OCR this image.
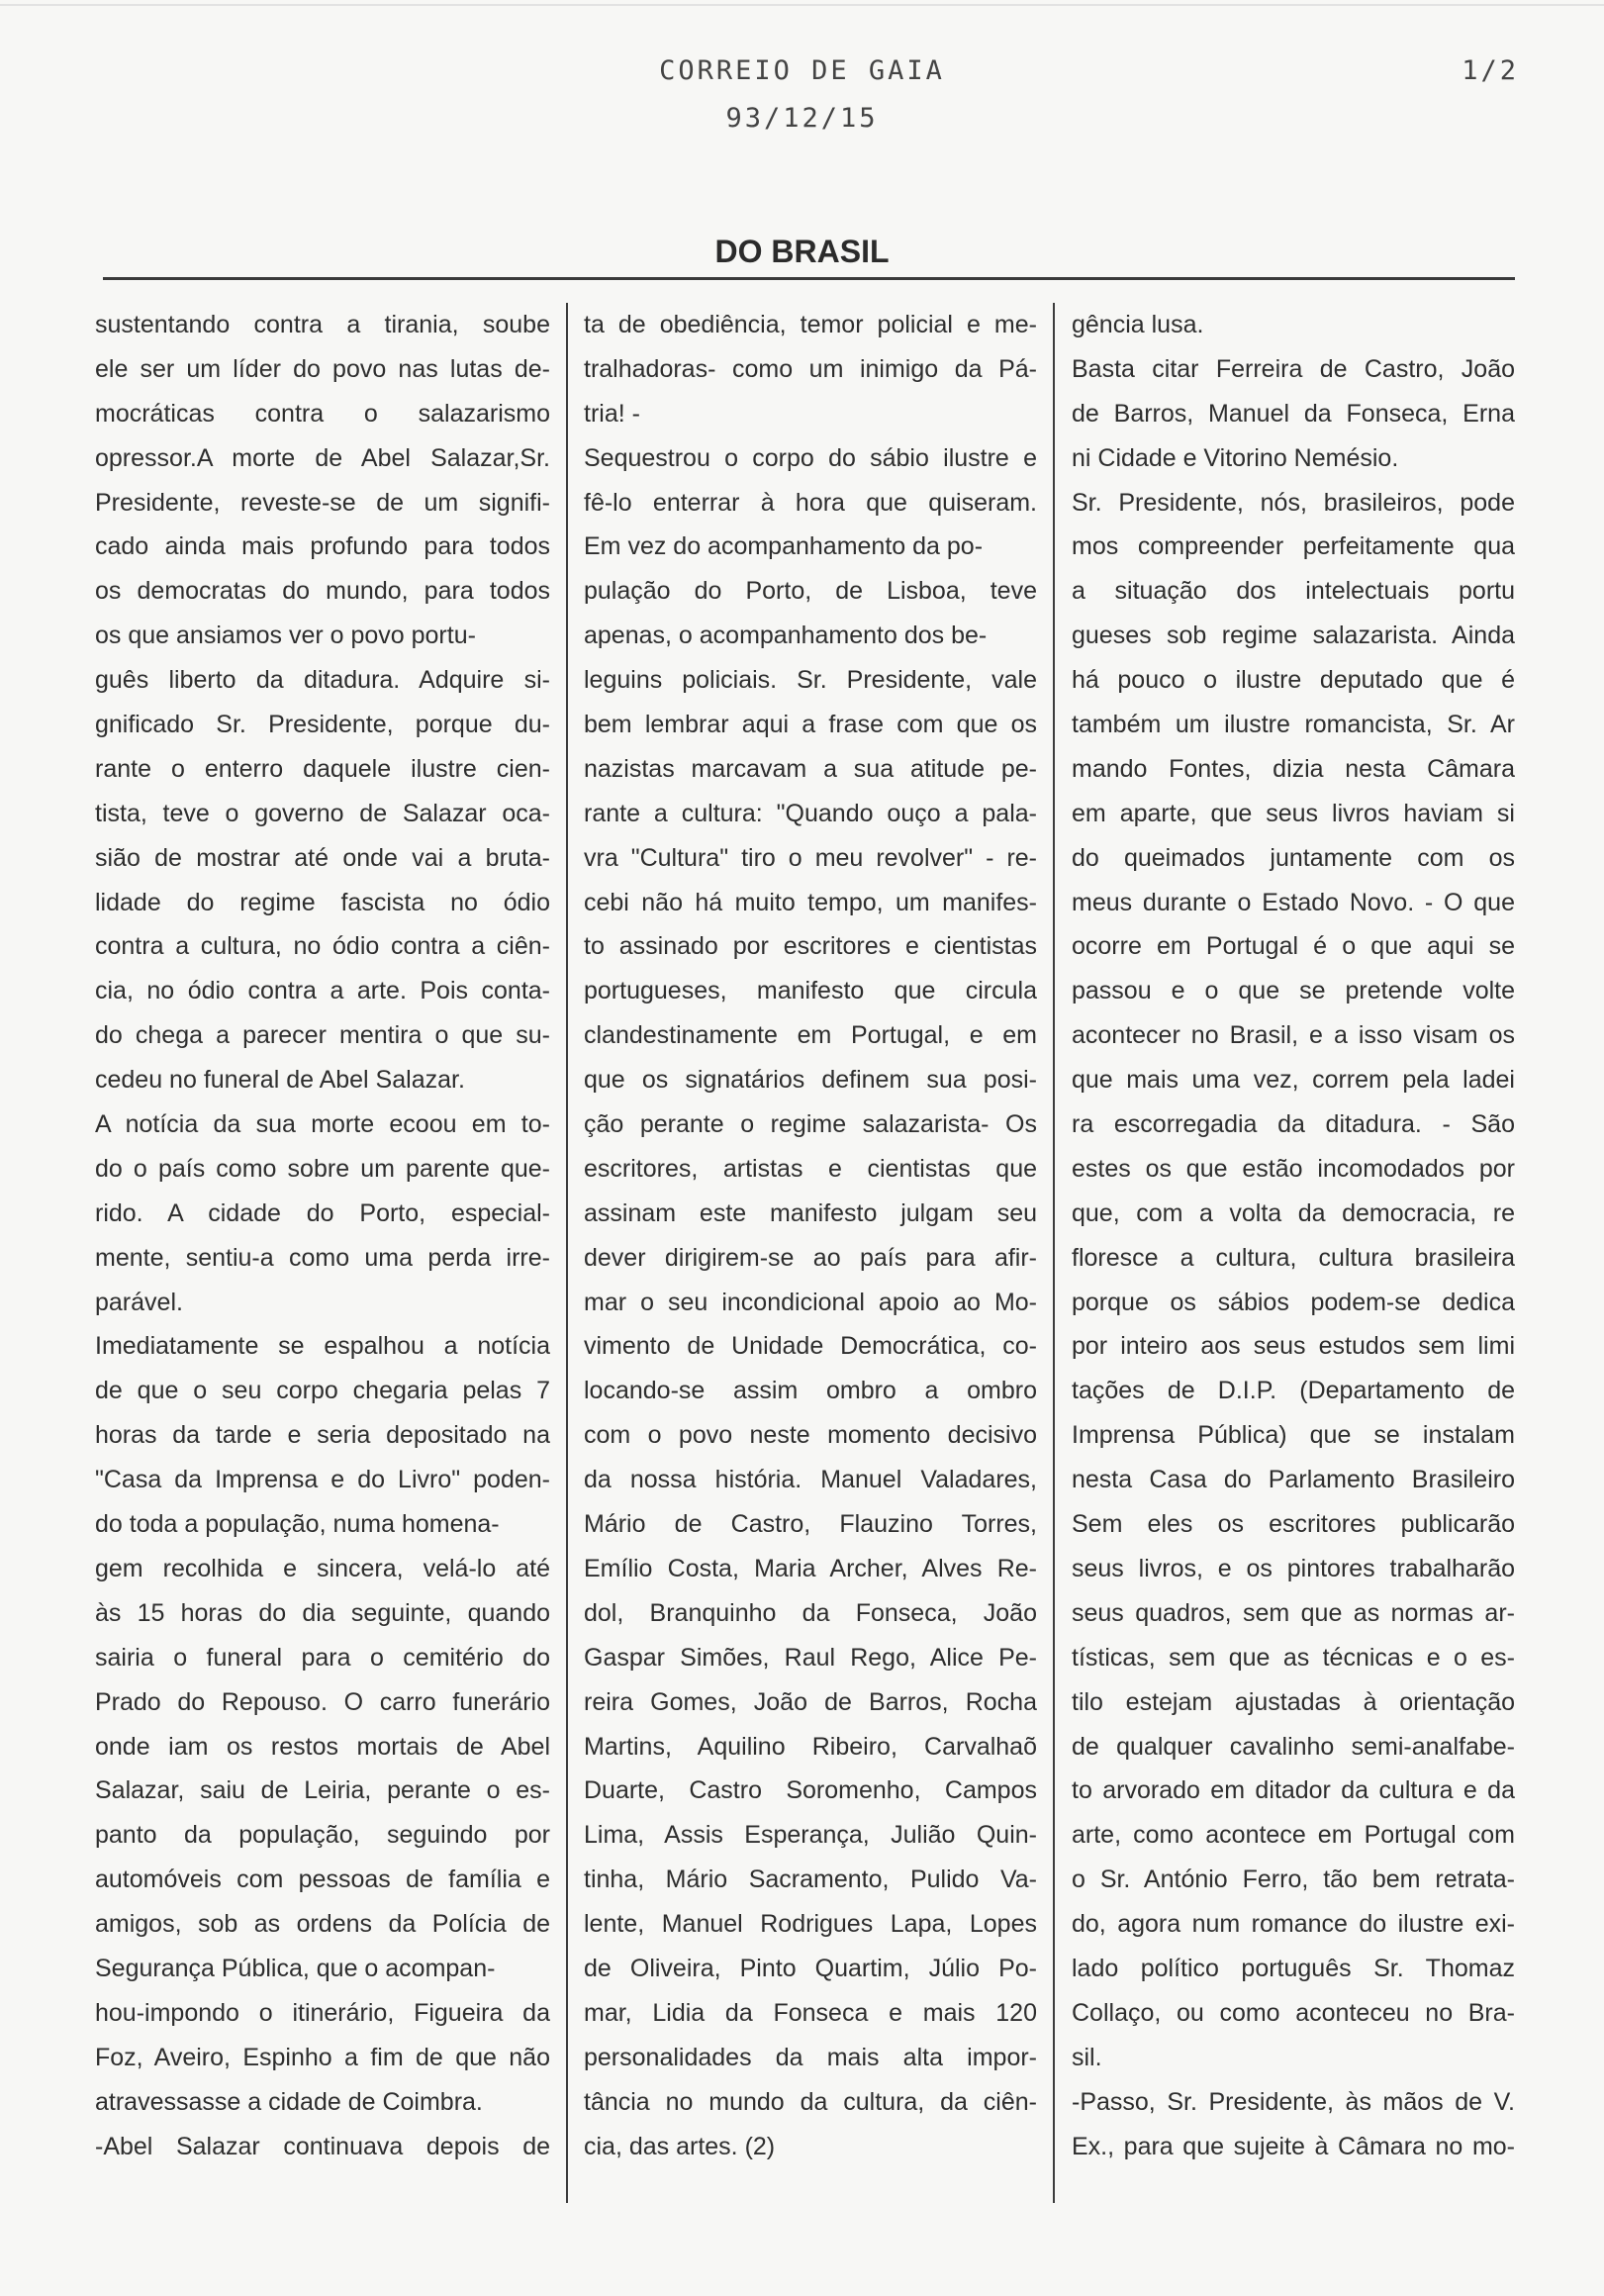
CORREIO DE GAIA
93/12/15
1/2
DO BRASIL
sustentando contra a tirania, soube
ele ser um líder do povo nas lutas de-
mocráticas contra o salazarismo
opressor.A morte de Abel Salazar,Sr.
Presidente, reveste-se de um signifi-
cado ainda mais profundo para todos
os democratas do mundo, para todos
os que ansiamos ver o povo portu-
guês liberto da ditadura. Adquire si-
gnificado Sr. Presidente, porque du-
rante o enterro daquele ilustre cien-
tista, teve o governo de Salazar oca-
sião de mostrar até onde vai a bruta-
lidade do regime fascista no ódio
contra a cultura, no ódio contra a ciên-
cia, no ódio contra a arte. Pois conta-
do chega a parecer mentira o que su-
cedeu no funeral de Abel Salazar.
A notícia da sua morte ecoou em to-
do o país como sobre um parente que-
rido. A cidade do Porto, especial-
mente, sentiu-a como uma perda irre-
parável.
Imediatamente se espalhou a notícia
de que o seu corpo chegaria pelas 7
horas da tarde e seria depositado na
"Casa da Imprensa e do Livro" poden-
do toda a população, numa homena-
gem recolhida e sincera, velá-lo até
às 15 horas do dia seguinte, quando
sairia o funeral para o cemitério do
Prado do Repouso. O carro funerário
onde iam os restos mortais de Abel
Salazar, saiu de Leiria, perante o es-
panto da população, seguindo por
automóveis com pessoas de família e
amigos, sob as ordens da Polícia de
Segurança Pública, que o acompan-
hou-impondo o itinerário, Figueira da
Foz, Aveiro, Espinho a fim de que não
atravessasse a cidade de Coimbra.
-Abel Salazar continuava depois de
ta de obediência, temor policial e me-
tralhadoras- como um inimigo da Pá-
tria! -
Sequestrou o corpo do sábio ilustre e
fê-lo enterrar à hora que quiseram.
Em vez do acompanhamento da po-
pulação do Porto, de Lisboa, teve
apenas, o acompanhamento dos be-
leguins policiais. Sr. Presidente, vale
bem lembrar aqui a frase com que os
nazistas marcavam a sua atitude pe-
rante a cultura: "Quando ouço a pala-
vra "Cultura" tiro o meu revolver" - re-
cebi não há muito tempo, um manifes-
to assinado por escritores e cientistas
portugueses, manifesto que circula
clandestinamente em Portugal, e em
que os signatários definem sua posi-
ção perante o regime salazarista- Os
escritores, artistas e cientistas que
assinam este manifesto julgam seu
dever dirigirem-se ao país para afir-
mar o seu incondicional apoio ao Mo-
vimento de Unidade Democrática, co-
locando-se assim ombro a ombro
com o povo neste momento decisivo
da nossa história. Manuel Valadares,
Mário de Castro, Flauzino Torres,
Emílio Costa, Maria Archer, Alves Re-
dol, Branquinho da Fonseca, João
Gaspar Simões, Raul Rego, Alice Pe-
reira Gomes, João de Barros, Rocha
Martins, Aquilino Ribeiro, Carvalhaõ
Duarte, Castro Soromenho, Campos
Lima, Assis Esperança, Julião Quin-
tinha, Mário Sacramento, Pulido Va-
lente, Manuel Rodrigues Lapa, Lopes
de Oliveira, Pinto Quartim, Júlio Po-
mar, Lidia da Fonseca e mais 120
personalidades da mais alta impor-
tância no mundo da cultura, da ciên-
cia, das artes. (2)
gência lusa.
Basta citar Ferreira de Castro, João
de Barros, Manuel da Fonseca, Erna
ni Cidade e Vitorino Nemésio.
Sr. Presidente, nós, brasileiros, pode
mos compreender perfeitamente qua
a situação dos intelectuais portu
gueses sob regime salazarista. Ainda
há pouco o ilustre deputado que é
também um ilustre romancista, Sr. Ar
mando Fontes, dizia nesta Câmara
em aparte, que seus livros haviam si
do queimados juntamente com os
meus durante o Estado Novo. - O que
ocorre em Portugal é o que aqui se
passou e o que se pretende volte
acontecer no Brasil, e a isso visam os
que mais uma vez, correm pela ladei
ra escorregadia da ditadura. - São
estes os que estão incomodados por
que, com a volta da democracia, re
floresce a cultura, cultura brasileira
porque os sábios podem-se dedica
por inteiro aos seus estudos sem limi
tações de D.I.P. (Departamento de
Imprensa Pública) que se instalam
nesta Casa do Parlamento Brasileiro
Sem eles os escritores publicarão
seus livros, e os pintores trabalharão
seus quadros, sem que as normas ar-
tísticas, sem que as técnicas e o es-
tilo estejam ajustadas à orientação
de qualquer cavalinho semi-analfabe-
to arvorado em ditador da cultura e da
arte, como acontece em Portugal com
o Sr. António Ferro, tão bem retrata-
do, agora num romance do ilustre exi-
lado político português Sr. Thomaz
Collaço, ou como aconteceu no Bra-
sil.
-Passo, Sr. Presidente, às mãos de V.
Ex., para que sujeite à Câmara no mo-
